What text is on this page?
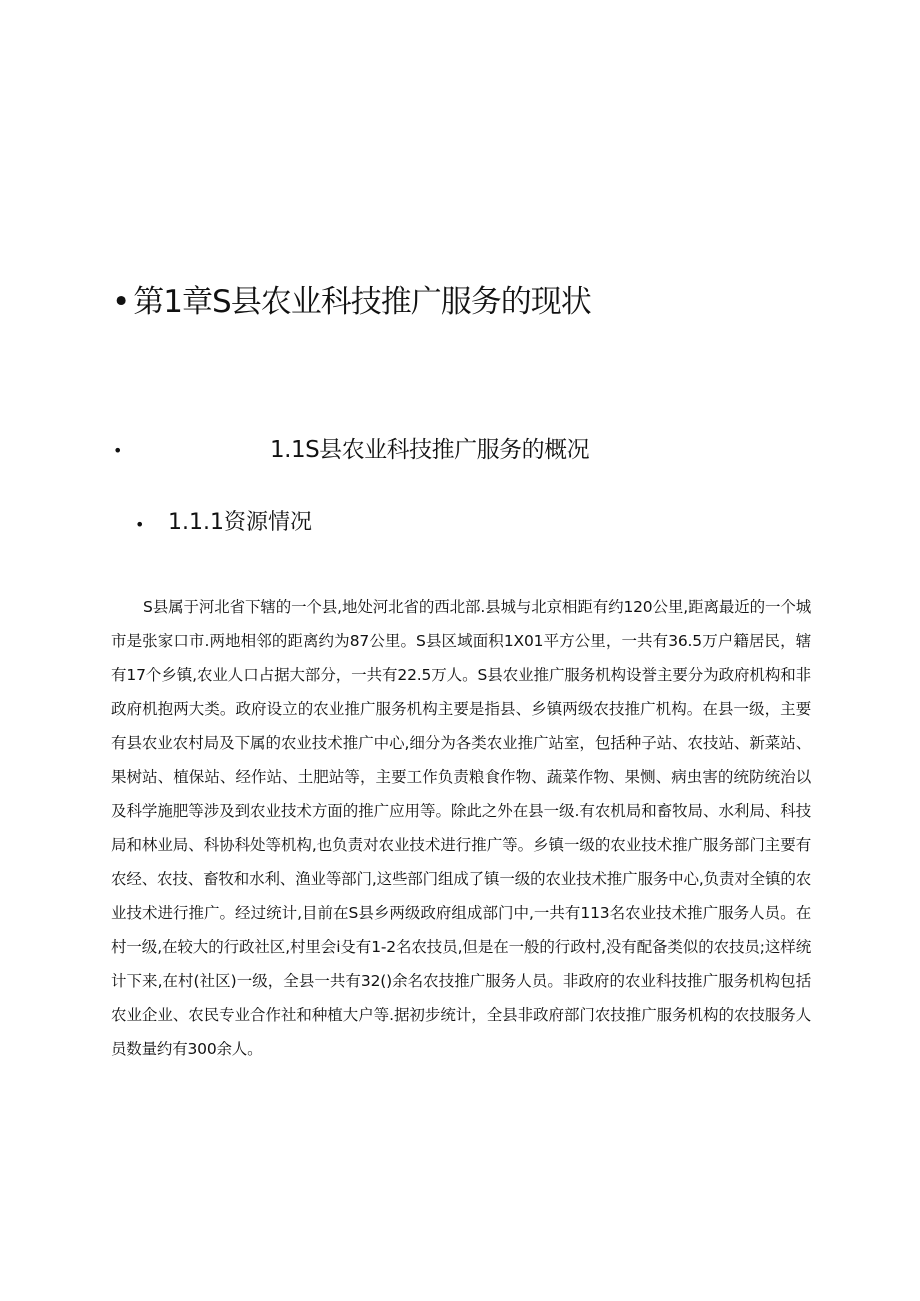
• 第1章S县农业科技推广服务的现状
•	1.1S县农业科技推广服务的概况
• 1.1.1资源情况

S县属于河北省下辖的一个县,地处河北省的西北部.县城与北京相距有约120公里,距离最近的一个城市是张家口市.两地相邻的距离约为87公里。S县区域面积1X01平方公里，一共有36.5万户籍居民，辖有17个乡镇,农业人口占据大部分，一共有22.5万人。S县农业推广服务机构设誉主要分为政府机构和非政府机抱两大类。政府设立的农业推广服务机构主要是指县、乡镇两级农技推广机构。在县一级，主要有县农业农村局及下属的农业技术推广中心,细分为各类农业推广站室，包括种子站、农技站、新菜站、果树站、植保站、经作站、土肥站等，主要工作负责粮食作物、蔬菜作物、果恻、病虫害的统防统治以及科学施肥等涉及到农业技术方面的推广应用等。除此之外在县一级.有农机局和畜牧局、水利局、科技局和林业局、科协科处等机构,也负责对农业技术进行推广等。乡镇一级的农业技术推广服务部门主要有农经、农技、畜牧和水利、渔业等部门,这些部门组成了镇一级的农业技术推广服务中心,负责对全镇的农业技术进行推广。经过统计,目前在S县乡两级政府组成部门中,一共有113名农业技术推广服务人员。在村一级,在较大的行政社区,村里会i殳有1-2名农技员,但是在一般的行政村,没有配备类似的农技员;这样统计下来,在村(社区)一级，全县一共有32()余名农技推广服务人员。非政府的农业科技推广服务机构包括农业企业、农民专业合作社和种植大户等.据初步统计，全县非政府部门农技推广服务机构的农技服务人员数量约有300余人。
